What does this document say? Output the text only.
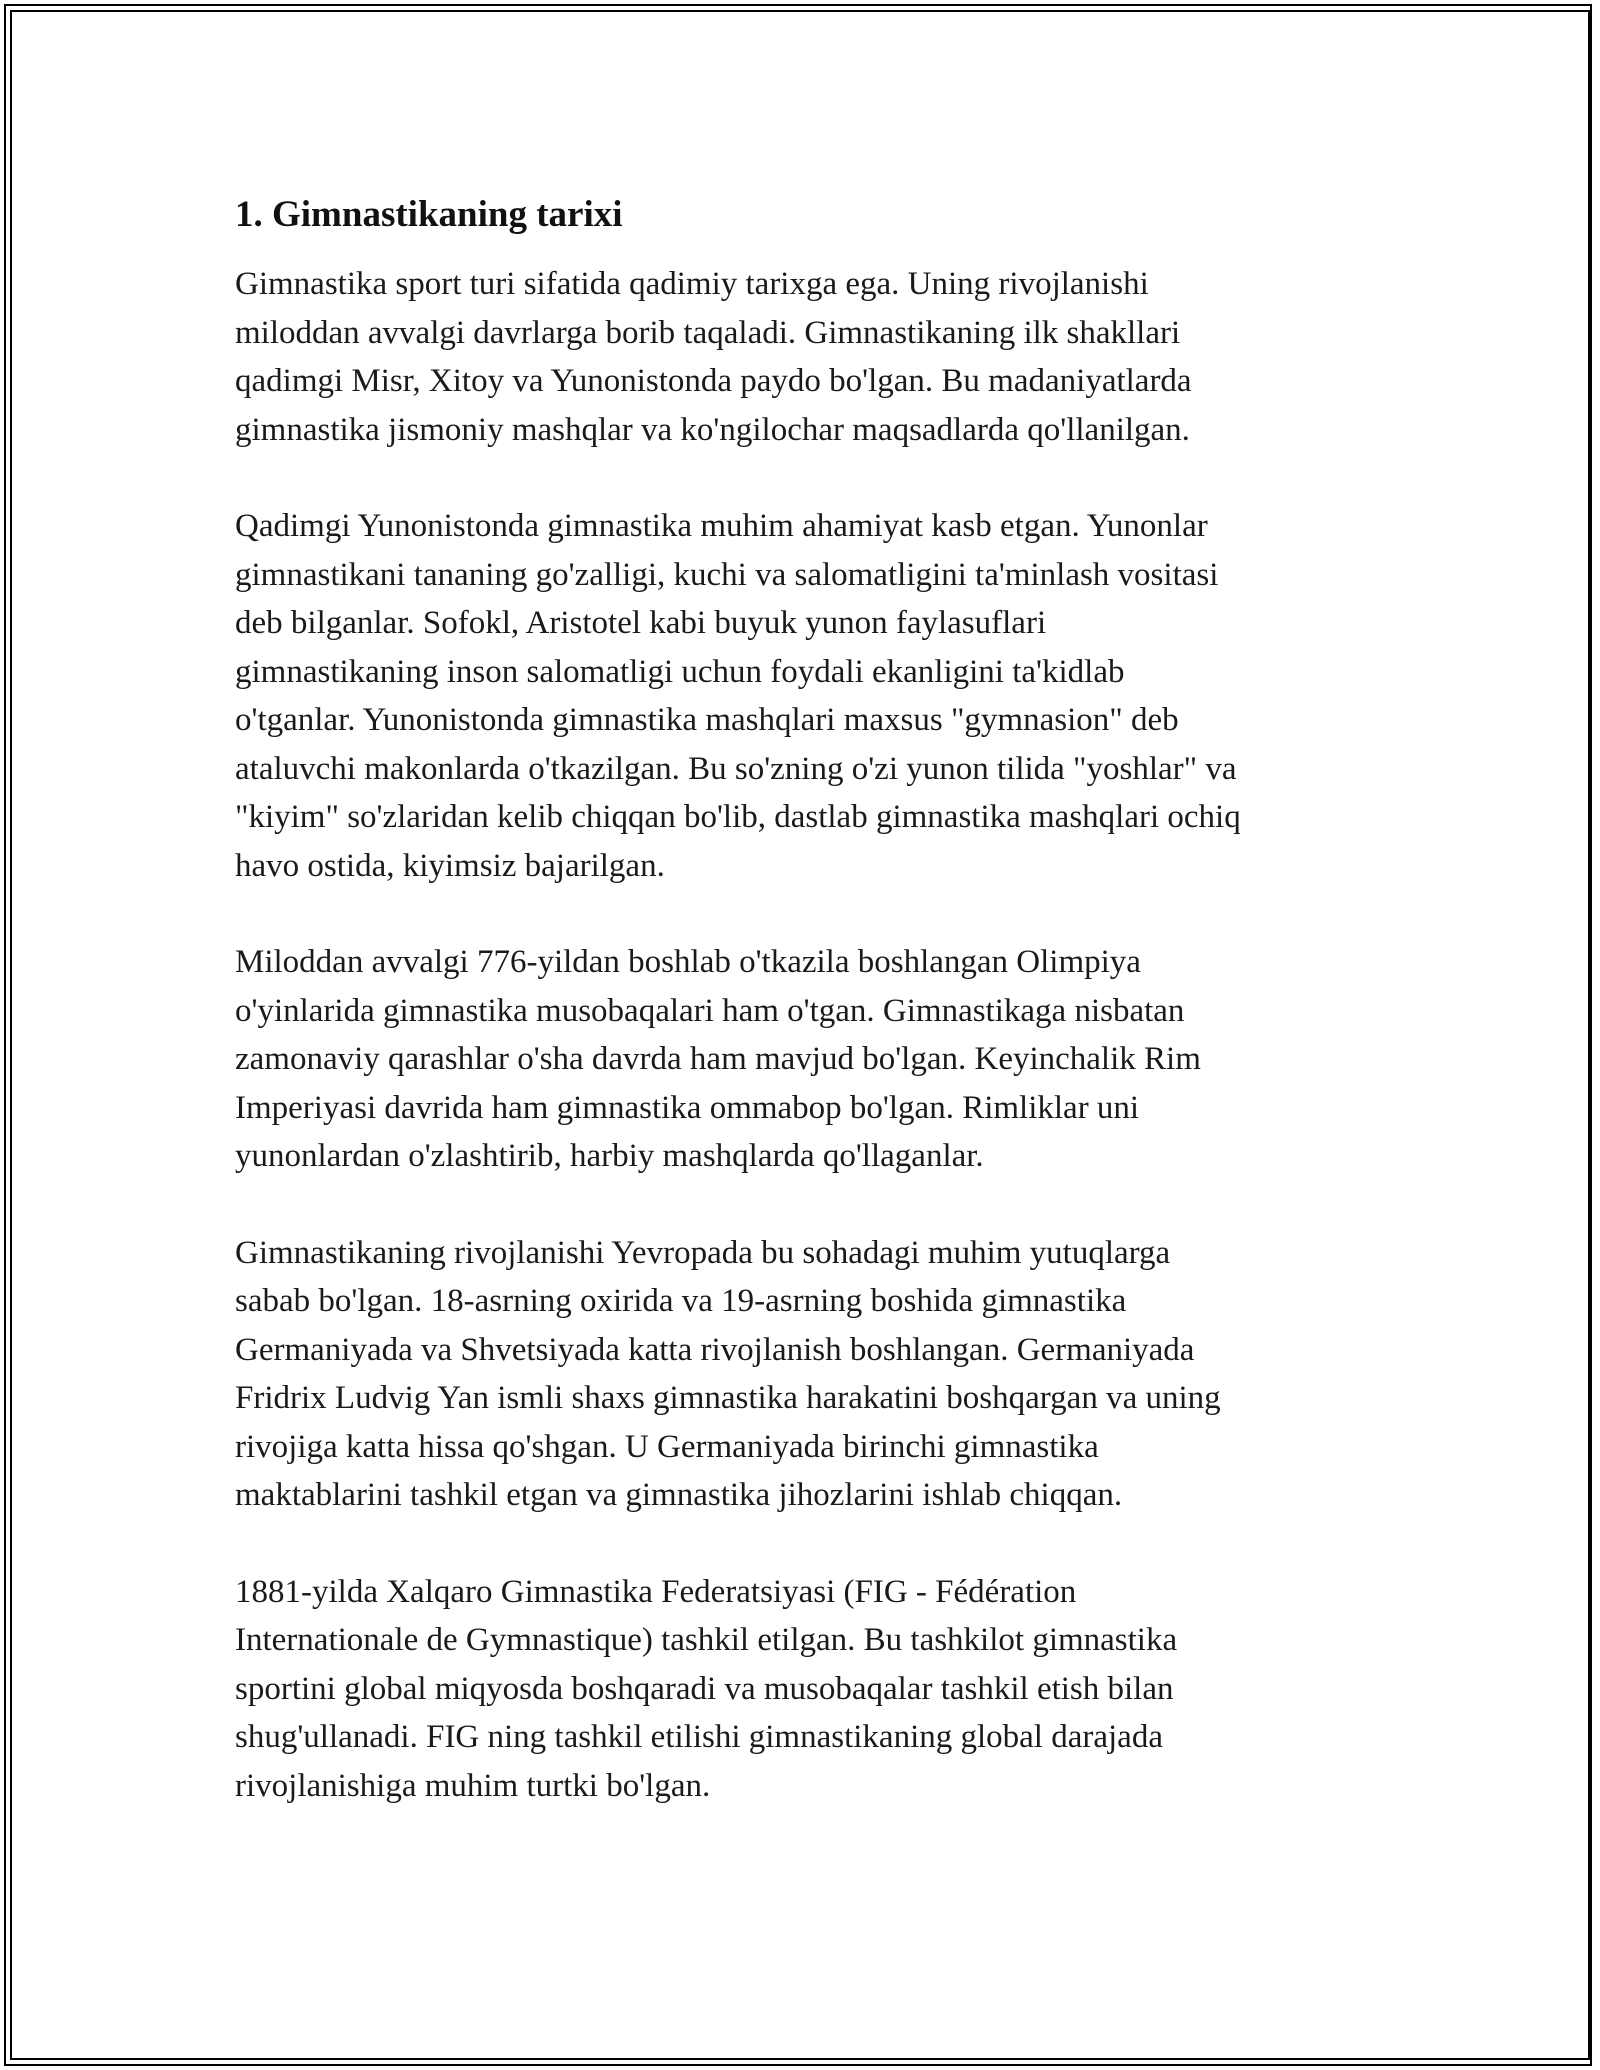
1. Gimnastikaning tarixi

Gimnastika sport turi sifatida qadimiy tarixga ega. Uning rivojlanishi
miloddan avvalgi davrlarga borib taqaladi. Gimnastikaning ilk shakllari
qadimgi Misr, Xitoy va Yunonistonda paydo bo'lgan. Bu madaniyatlarda
gimnastika jismoniy mashqlar va ko'ngilochar maqsadlarda qo'llanilgan.

Qadimgi Yunonistonda gimnastika muhim ahamiyat kasb etgan. Yunonlar
gimnastikani tananing go'zalligi, kuchi va salomatligini ta'minlash vositasi
deb bilganlar. Sofokl, Aristotel kabi buyuk yunon faylasuflari
gimnastikaning inson salomatligi uchun foydali ekanligini ta'kidlab
o'tganlar. Yunonistonda gimnastika mashqlari maxsus "gymnasion" deb
ataluvchi makonlarda o'tkazilgan. Bu so'zning o'zi yunon tilida "yoshlar" va
"kiyim" so'zlaridan kelib chiqqan bo'lib, dastlab gimnastika mashqlari ochiq
havo ostida, kiyimsiz bajarilgan.

Miloddan avvalgi 776-yildan boshlab o'tkazila boshlangan Olimpiya
o'yinlarida gimnastika musobaqalari ham o'tgan. Gimnastikaga nisbatan
zamonaviy qarashlar o'sha davrda ham mavjud bo'lgan. Keyinchalik Rim
Imperiyasi davrida ham gimnastika ommabop bo'lgan. Rimliklar uni
yunonlardan o'zlashtirib, harbiy mashqlarda qo'llaganlar.

Gimnastikaning rivojlanishi Yevropada bu sohadagi muhim yutuqlarga
sabab bo'lgan. 18-asrning oxirida va 19-asrning boshida gimnastika
Germaniyada va Shvetsiyada katta rivojlanish boshlangan. Germaniyada
Fridrix Ludvig Yan ismli shaxs gimnastika harakatini boshqargan va uning
rivojiga katta hissa qo'shgan. U Germaniyada birinchi gimnastika
maktablarini tashkil etgan va gimnastika jihozlarini ishlab chiqqan.

1881-yilda Xalqaro Gimnastika Federatsiyasi (FIG - Fédération
Internationale de Gymnastique) tashkil etilgan. Bu tashkilot gimnastika
sportini global miqyosda boshqaradi va musobaqalar tashkil etish bilan
shug'ullanadi. FIG ning tashkil etilishi gimnastikaning global darajada
rivojlanishiga muhim turtki bo'lgan.
